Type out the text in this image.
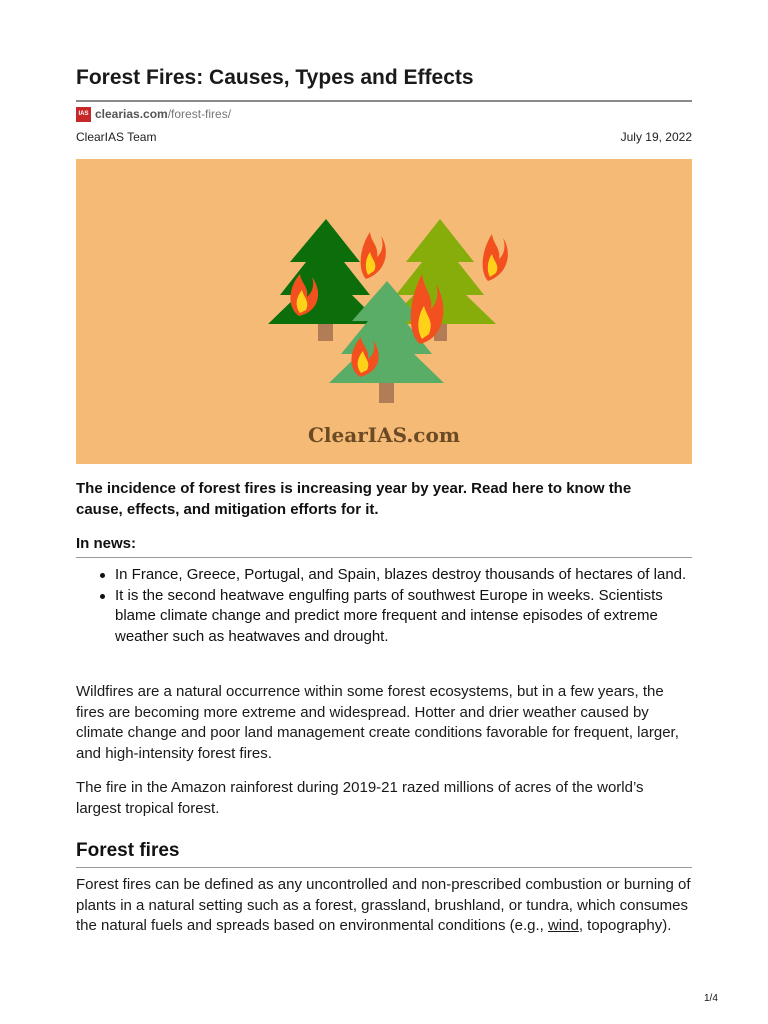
Forest Fires: Causes, Types and Effects
IAS clearias.com /forest-fires/
ClearIAS Team	July 19, 2022
ClearIAS.com

The incidence of forest fires is increasing year by year. Read here to know the cause, effects, and mitigation efforts for it.

In news:
In France, Greece, Portugal, and Spain, blazes destroy thousands of hectares of land.
It is the second heatwave engulfing parts of southwest Europe in weeks. Scientists blame climate change and predict more frequent and intense episodes of extreme weather such as heatwaves and drought.

Wildfires are a natural occurrence within some forest ecosystems, but in a few years, the fires are becoming more extreme and widespread. Hotter and drier weather caused by climate change and poor land management create conditions favorable for frequent, larger, and high-intensity forest fires.

The fire in the Amazon rainforest during 2019-21 razed millions of acres of the world’s largest tropical forest.

Forest fires

Forest fires can be defined as any uncontrolled and non-prescribed combustion or burning of plants in a natural setting such as a forest, grassland, brushland, or tundra, which consumes the natural fuels and spreads based on environmental conditions (e.g., wind, topography).

1/4
